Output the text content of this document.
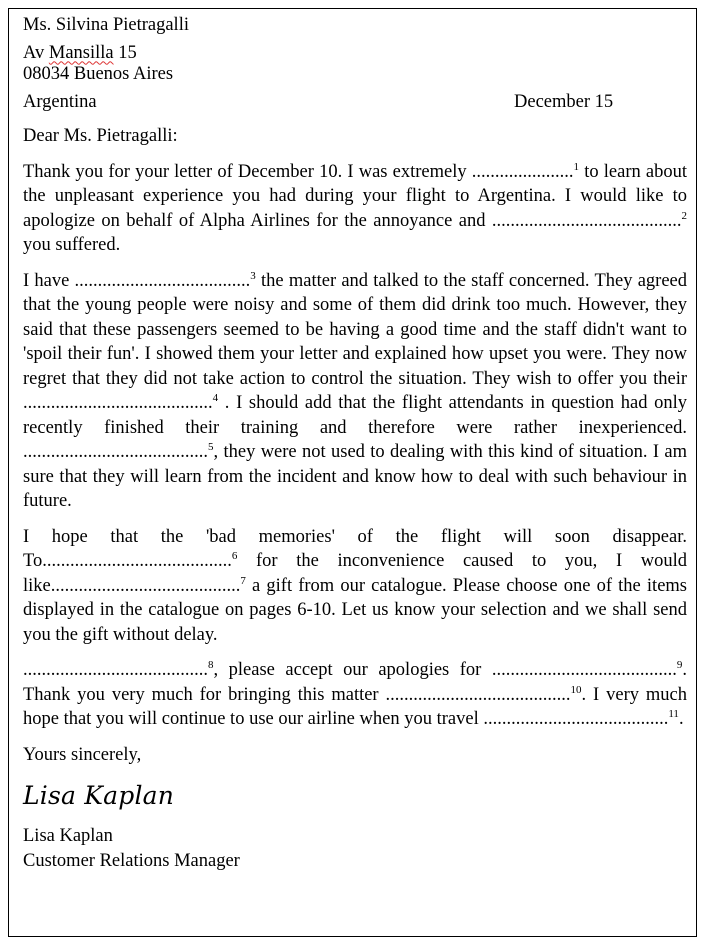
Ms. Silvina Pietragalli
Av Mansilla 15
08034 Buenos Aires
Argentina	December 15
Dear Ms. Pietragalli:

Thank you for your letter of December 10. I was extremely ......................$^1$ to learn about the unpleasant experience you had during your flight to Argentina. I would like to apologize on behalf of Alpha Airlines for the annoyance and .........................................$^2$ you suffered.

I have ......................................$^3$ the matter and talked to the staff concerned. They agreed that the young people were noisy and some of them did drink too much. However, they said that these passengers seemed to be having a good time and the staff didn't want to 'spoil their fun'. I showed them your letter and explained how upset you were. They now regret that they did not take action to control the situation. They wish to offer you their .........................................$^4$ . I should add that the flight attendants in question had only recently finished their training and therefore were rather inexperienced. ........................................$^5$, they were not used to dealing with this kind of situation. I am sure that they will learn from the incident and know how to deal with such behaviour in future.

I hope that the 'bad memories' of the flight will soon disappear. To.........................................$^6$ for the inconvenience caused to you, I would like.........................................$^7$ a gift from our catalogue. Please choose one of the items displayed in the catalogue on pages 6-10. Let us know your selection and we shall send you the gift without delay.

........................................$^8$, please accept our apologies for ........................................$^9$. Thank you very much for bringing this matter ........................................$^{10}$. I very much hope that you will continue to use our airline when you travel ........................................$^{11}$.

Yours sincerely,
Lisa Kaplan
Lisa Kaplan
Customer Relations Manager
